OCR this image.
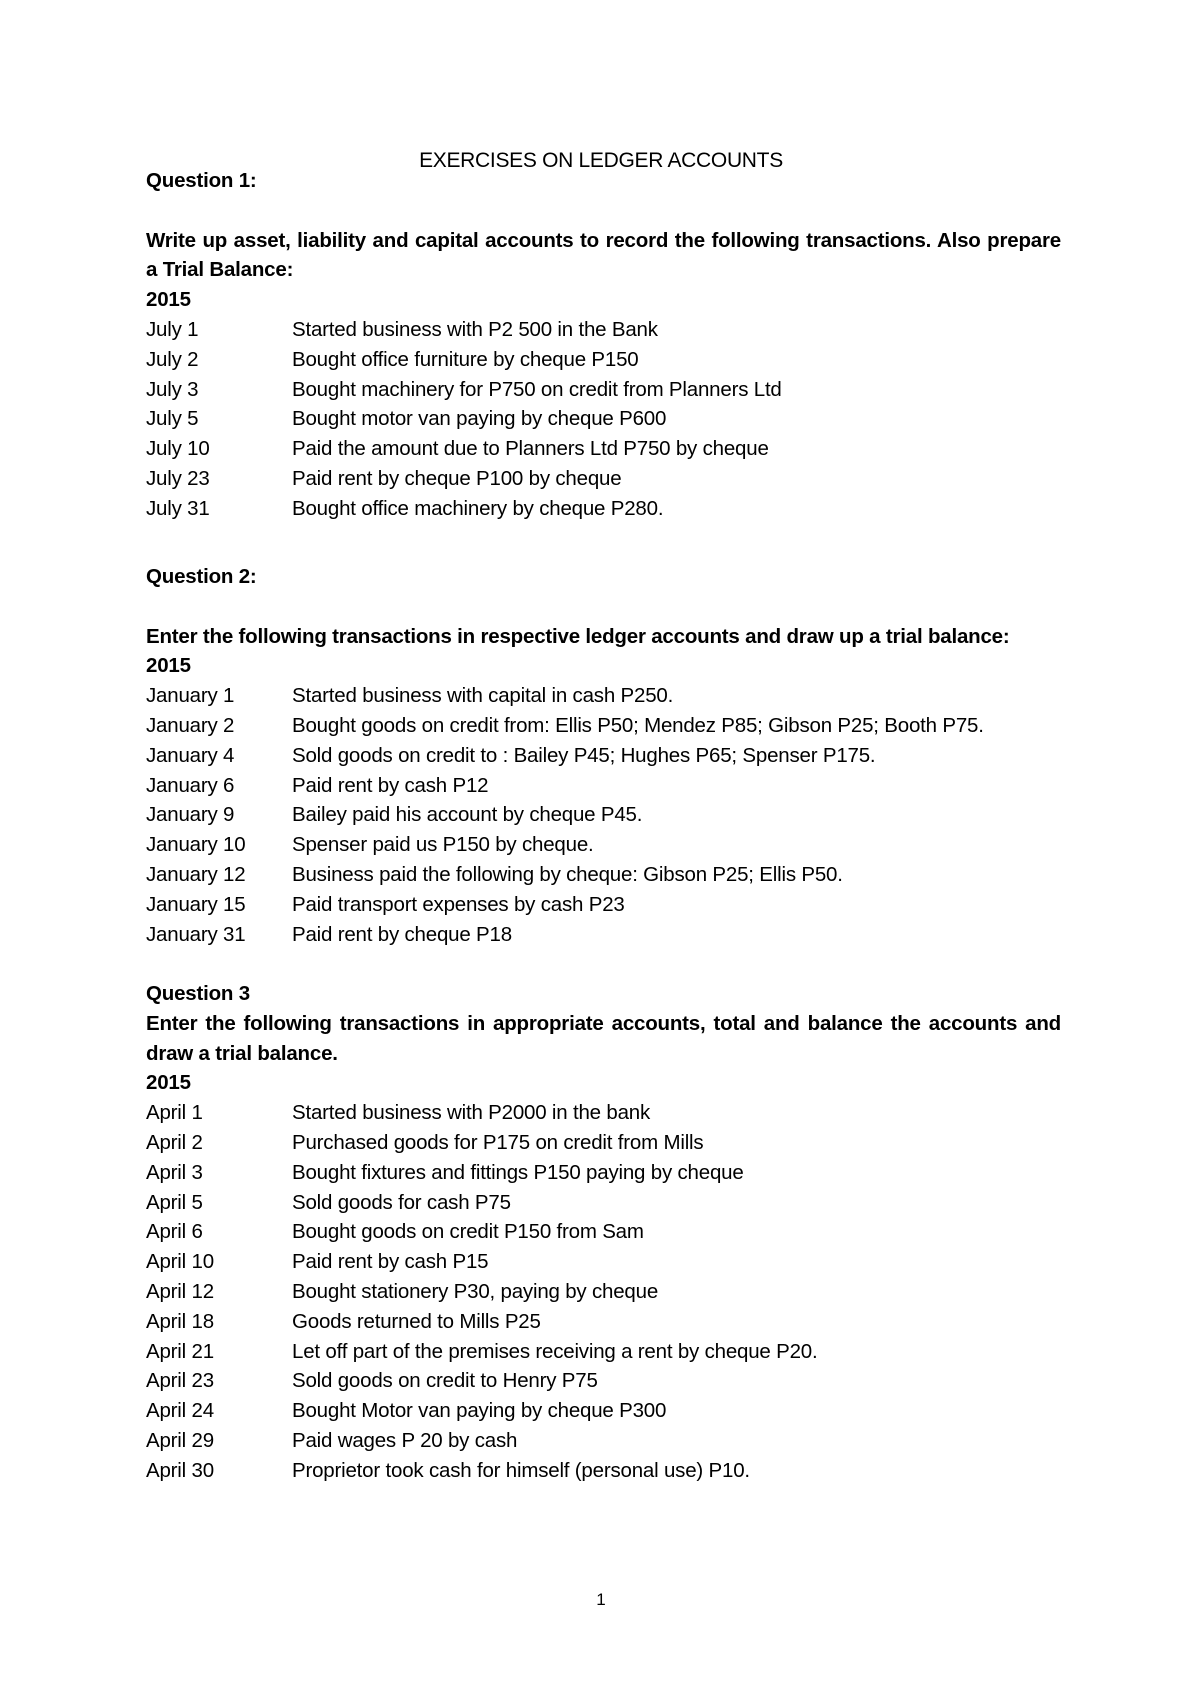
EXERCISES ON LEDGER ACCOUNTS
Question 1:
Write up asset, liability and capital accounts to record the following transactions. Also prepare a Trial Balance:
2015
July 1	Started business with P2 500 in the Bank
July 2	Bought office furniture by cheque P150
July 3	Bought machinery for P750 on credit from Planners Ltd
July 5	Bought motor van paying by cheque P600
July 10	Paid the amount due to Planners Ltd P750 by cheque
July 23	Paid rent by cheque P100 by cheque
July 31	Bought office machinery by cheque P280.
Question 2:
Enter the following transactions in respective ledger accounts and draw up a trial balance:
2015
January 1	Started business with capital in cash P250.
January 2	Bought goods on credit from: Ellis P50; Mendez P85; Gibson P25; Booth P75.
January 4	Sold goods on credit to : Bailey P45; Hughes P65; Spenser P175.
January 6	Paid rent by cash P12
January 9	Bailey paid his account by cheque P45.
January 10	Spenser paid us P150 by cheque.
January 12	Business paid the following by cheque: Gibson P25; Ellis P50.
January 15	Paid transport expenses by cash P23
January 31	Paid rent by cheque P18
Question 3
Enter the following transactions in appropriate accounts, total and balance the accounts and draw a trial balance.
2015
April 1	Started business with P2000 in the bank
April 2	Purchased goods for P175 on credit from Mills
April 3	Bought fixtures and fittings P150 paying by cheque
April 5	Sold goods for cash P75
April 6	Bought goods on credit P150 from Sam
April 10	Paid rent by cash P15
April 12	Bought stationery P30, paying by cheque
April 18	Goods returned to Mills P25
April 21	Let off part of the premises receiving a rent by cheque P20.
April 23	Sold goods on credit to Henry P75
April 24	Bought Motor van paying by cheque P300
April 29	Paid wages P 20 by cash
April 30	Proprietor took cash for himself (personal use) P10.
1
